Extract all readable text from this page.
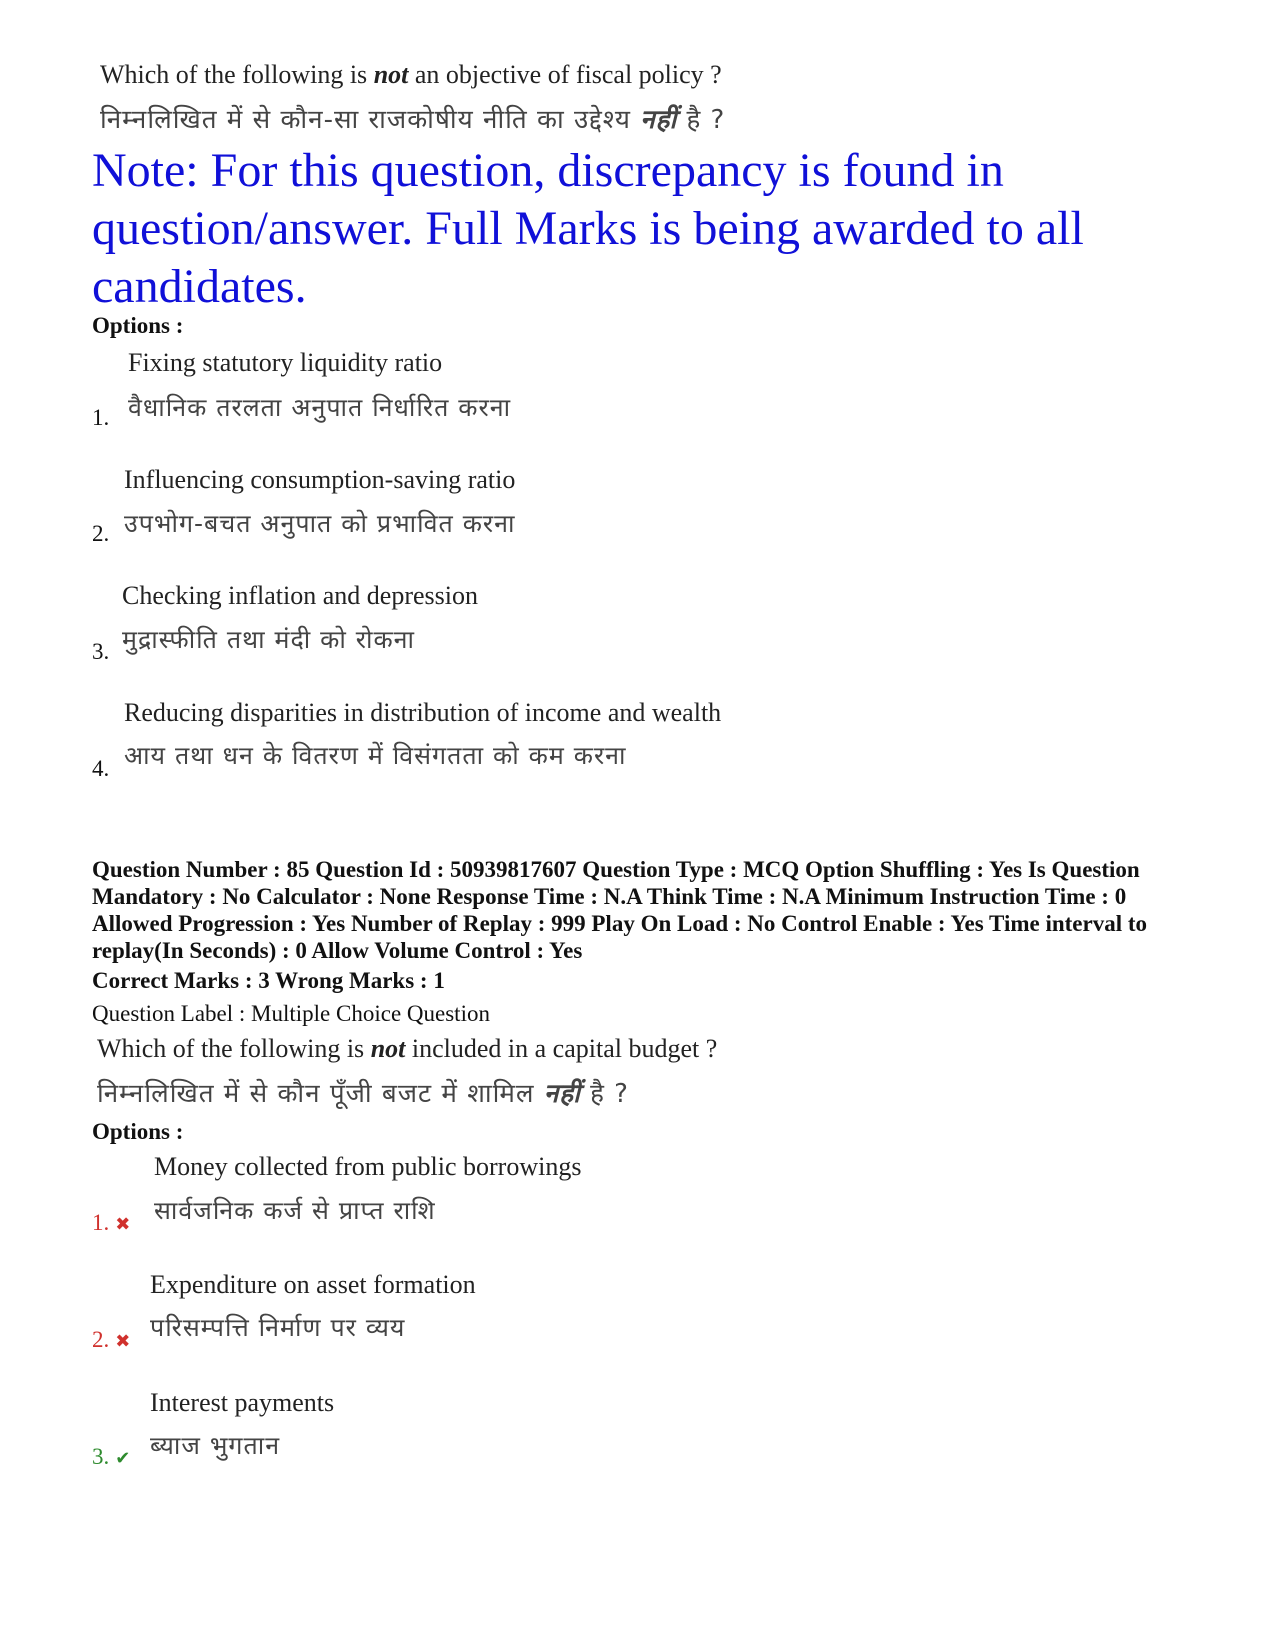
Which of the following is not an objective of fiscal policy ?
निम्नलिखित में से कौन-सा राजकोषीय नीति का उद्देश्य नहीं है ?
Note: For this question, discrepancy is found in question/answer. Full Marks is being awarded to all candidates.
Options :
Fixing statutory liquidity ratio
वैधानिक तरलता अनुपात निर्धारित करना
1.
Influencing consumption-saving ratio
उपभोग-बचत अनुपात को प्रभावित करना
2.
Checking inflation and depression
मुद्रास्फीति तथा मंदी को रोकना
3.
Reducing disparities in distribution of income and wealth
आय तथा धन के वितरण में विसंगतता को कम करना
4.
Question Number : 85 Question Id : 50939817607 Question Type : MCQ Option Shuffling : Yes Is Question Mandatory : No Calculator : None Response Time : N.A Think Time : N.A Minimum Instruction Time : 0 Allowed Progression : Yes Number of Replay : 999 Play On Load : No Control Enable : Yes Time interval to replay(In Seconds) : 0 Allow Volume Control : Yes
Correct Marks : 3 Wrong Marks : 1
Question Label : Multiple Choice Question
Which of the following is not included in a capital budget ?
निम्नलिखित में से कौन पूँजी बजट में शामिल नहीं है ?
Options :
Money collected from public borrowings
सार्वजनिक कर्ज से प्राप्त राशि
1. ✖
Expenditure on asset formation
परिसम्पत्ति निर्माण पर व्यय
2. ✖
Interest payments
ब्याज भुगतान
3. ✔
